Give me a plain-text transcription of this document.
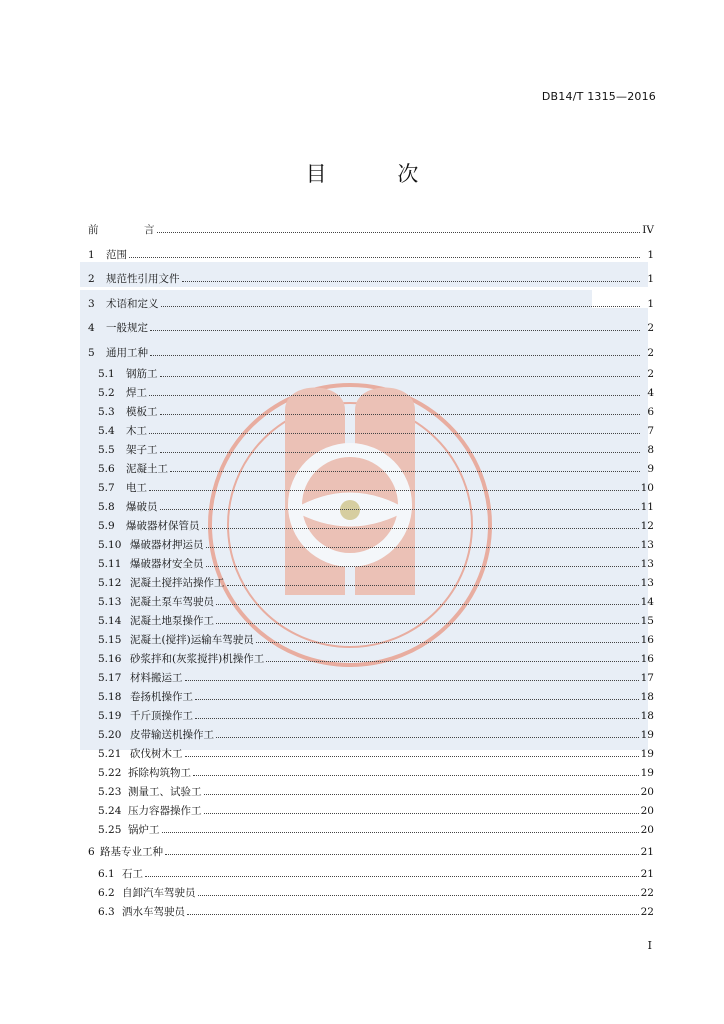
DB14/T 1315—2016
目 次
前	言	IV
1	范围	1
2	规范性引用文件	1
3	术语和定义	1
4	一般规定	2
5	通用工种	2
5.1	钢筋工	2
5.2	焊工	4
5.3	模板工	6
5.4	木工	7
5.5	架子工	8
5.6	泥凝土工	9
5.7	电工	10
5.8	爆破员	11
5.9	爆破器材保管员	12
5.10 爆破器材押运员	13
5.11 爆破器材安全员	13
5.12 泥凝土搅拌站操作工	13
5.13 泥凝土泵车驾驶员	14
5.14 泥凝土地泵操作工	15
5.15 泥凝土(搅拌)运输车驾驶员	16
5.16 砂浆拌和(灰浆搅拌)机操作工	16
5.17 材料搬运工	17
5.18 卷扬机操作工	18
5.19 千斤顶操作工	18
5.20 皮带输送机操作工	19
5.21 砍伐树木工	19
5.22 拆除构筑物工	19
5.23 测量工、试验工	20
5.24 压力容器操作工	20
5.25 锅炉工	20
6 路基专业工种	21
6.1 石工	21
6.2 自卸汽车驾驶员	22
6.3 洒水车驾驶员	22
I
